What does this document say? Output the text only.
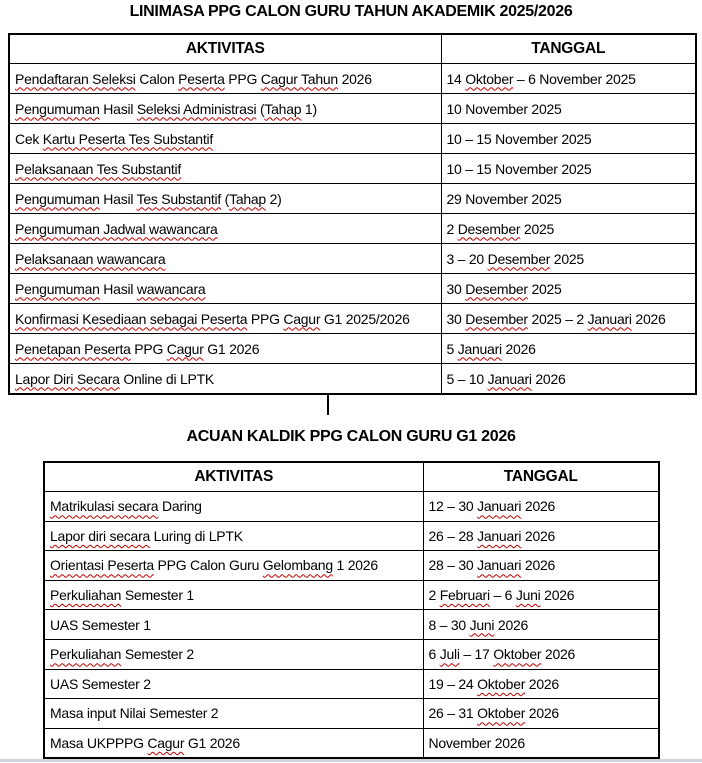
LINIMASA PPG CALON GURU TAHUN AKADEMIK 2025/2026
AKTIVITAS	TANGGAL
Pendaftaran Seleksi Calon Peserta PPG Cagur Tahun 2026	14 Oktober – 6 November 2025
Pengumuman Hasil Seleksi Administrasi (Tahap 1)	10 November 2025
Cek Kartu Peserta Tes Substantif	10 – 15 November 2025
Pelaksanaan Tes Substantif	10 – 15 November 2025
Pengumuman Hasil Tes Substantif (Tahap 2)	29 November 2025
Pengumuman Jadwal wawancara	2 Desember 2025
Pelaksanaan wawancara	3 – 20 Desember 2025
Pengumuman Hasil wawancara	30 Desember 2025
Konfirmasi Kesediaan sebagai Peserta PPG Cagur G1 2025/2026	30 Desember 2025 – 2 Januari 2026
Penetapan Peserta PPG Cagur G1 2026	5 Januari 2026
Lapor Diri Secara Online di LPTK	5 – 10 Januari 2026
ACUAN KALDIK PPG CALON GURU G1 2026
AKTIVITAS	TANGGAL
Matrikulasi secara Daring	12 – 30 Januari 2026
Lapor diri secara Luring di LPTK	26 – 28 Januari 2026
Orientasi Peserta PPG Calon Guru Gelombang 1 2026	28 – 30 Januari 2026
Perkuliahan Semester 1	2 Februari – 6 Juni 2026
UAS Semester 1	8 – 30 Juni 2026
Perkuliahan Semester 2	6 Juli – 17 Oktober 2026
UAS Semester 2	19 – 24 Oktober 2026
Masa input Nilai Semester 2	26 – 31 Oktober 2026
Masa UKPPPG Cagur G1 2026	November 2026
